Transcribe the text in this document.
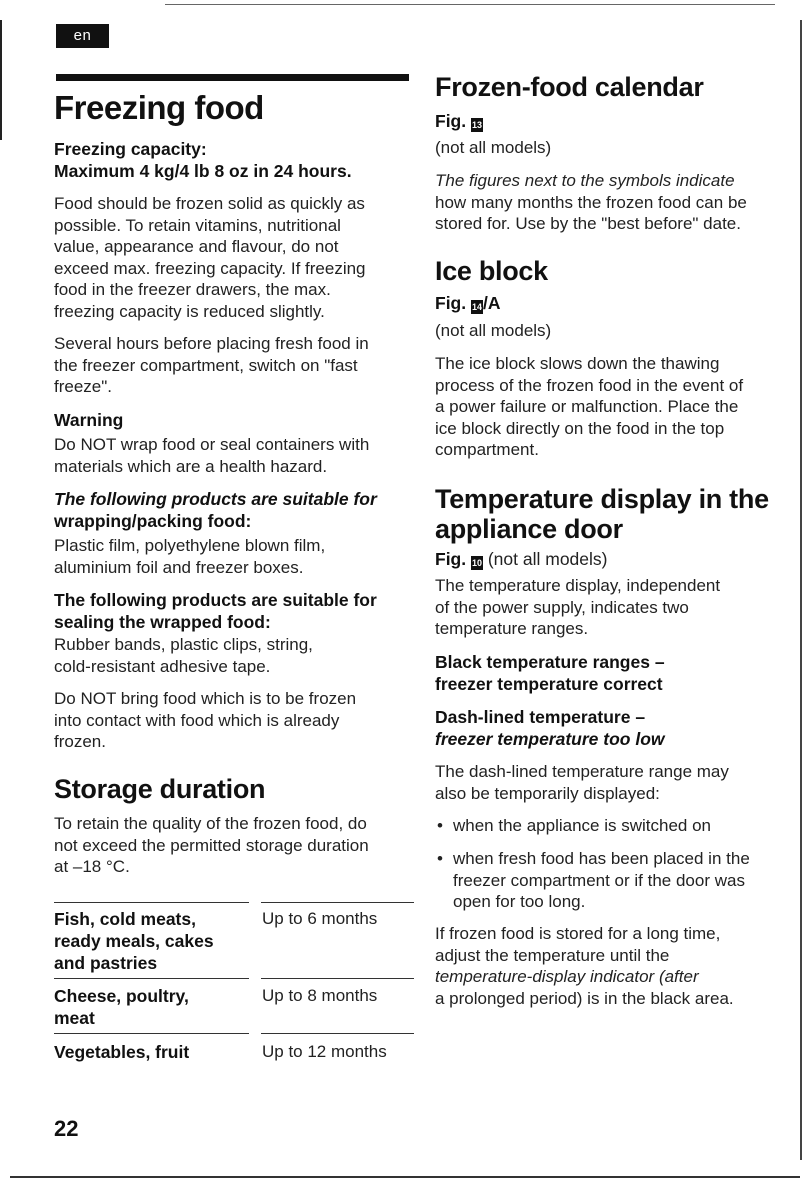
en
Freezing food

Freezing capacity:

Maximum 4 kg/4 lb 8 oz in 24 hours.

Food should be frozen solid as quickly as

possible. To retain vitamins, nutritional

value, appearance and flavour, do not

exceed max. freezing capacity. If freezing

food in the freezer drawers, the max.

freezing capacity is reduced slightly.

Several hours before placing fresh food in

the freezer compartment, switch on "fast

freeze".

Warning

Do NOT wrap food or seal containers with

materials which are a health hazard.

The following products are suitable for

wrapping/packing food:

Plastic film, polyethylene blown film,

aluminium foil and freezer boxes.

The following products are suitable for

sealing the wrapped food:

Rubber bands, plastic clips, string,

cold-resistant adhesive tape.

Do NOT bring food which is to be frozen

into contact with food which is already

frozen.

Storage duration

To retain the quality of the frozen food, do

not exceed the permitted storage duration

at –18 °C.

Fish, cold meats,

ready meals, cakes

and pastries

Up to 6 months

Cheese, poultry,

meat

Up to 8 months

Vegetables, fruit	Up to 12 months

Frozen-food calendar

Fig. 13

(not all models)

The figures next to the symbols indicate

how many months the frozen food can be

stored for. Use by the "best before" date.

Ice block

Fig. 14/A

(not all models)

The ice block slows down the thawing

process of the frozen food in the event of

a power failure or malfunction. Place the

ice block directly on the food in the top

compartment.

Temperature display in the
appliance door

Fig. 10 (not all models)

The temperature display, independent

of the power supply, indicates two

temperature ranges.

Black temperature ranges –

freezer temperature correct

Dash-lined temperature –

freezer temperature too low

The dash-lined temperature range may

also be temporarily displayed:

• when the appliance is switched on
• when fresh food has been placed in the
freezer compartment or if the door was
open for too long.

If frozen food is stored for a long time,

adjust the temperature until the

temperature-display indicator (after

a prolonged period) is in the black area.

22
